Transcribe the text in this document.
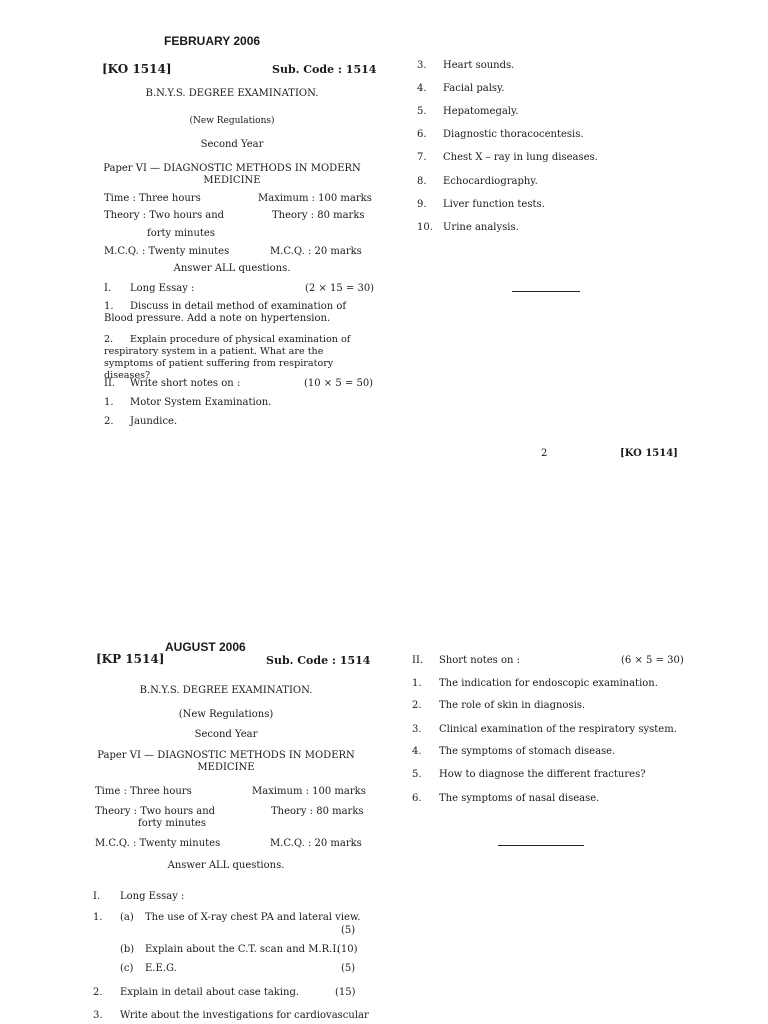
FEBRUARY 2006
[KO 1514]	Sub. Code : 1514
B.N.Y.S. DEGREE EXAMINATION.
(New Regulations)
Second Year
Paper VI — DIAGNOSTIC METHODS IN MODERN
MEDICINE
Time : Three hours	Maximum : 100 marks
Theory : Two hours and	Theory : 80 marks
forty minutes
M.C.Q. : Twenty minutes	M.C.Q. : 20 marks
Answer ALL questions.
I. Long Essay :	(2 × 15 = 30)
1. Discuss in detail method of examination of Blood pressure. Add a note on hypertension.
2. Explain procedure of physical examination of respiratory system in a patient. What are the symptoms of patient suffering from respiratory diseases?
II. Write short notes on :	(10 × 5 = 50)
1. Motor System Examination.
2. Jaundice.
3. Heart sounds.
4. Facial palsy.
5. Hepatomegaly.
6. Diagnostic thoracocentesis.
7. Chest X – ray in lung diseases.
8. Echocardiography.
9. Liver function tests.
10. Urine analysis.
2	[KO 1514]
AUGUST 2006
[KP 1514]	Sub. Code : 1514
B.N.Y.S. DEGREE EXAMINATION.
(New Regulations)
Second Year
Paper VI — DIAGNOSTIC METHODS IN MODERN
MEDICINE
Time : Three hours	Maximum : 100 marks
Theory : Two hours and	Theory : 80 marks
forty minutes
M.C.Q. : Twenty minutes	M.C.Q. : 20 marks
Answer ALL questions.
I. Long Essay :
1. (a) The use of X-ray chest PA and lateral view.
(5)
(b) Explain about the C.T. scan and M.R.I.
(10)
(c) E.E.G.	(5)
2. Explain in detail about case taking.	(15)
3. Write about the investigations for cardiovascular
II. Short notes on :	(6 × 5 = 30)
1. The indication for endoscopic examination.
2. The role of skin in diagnosis.
3. Clinical examination of the respiratory system.
4. The symptoms of stomach disease.
5. How to diagnose the different fractures?
6. The symptoms of nasal disease.
